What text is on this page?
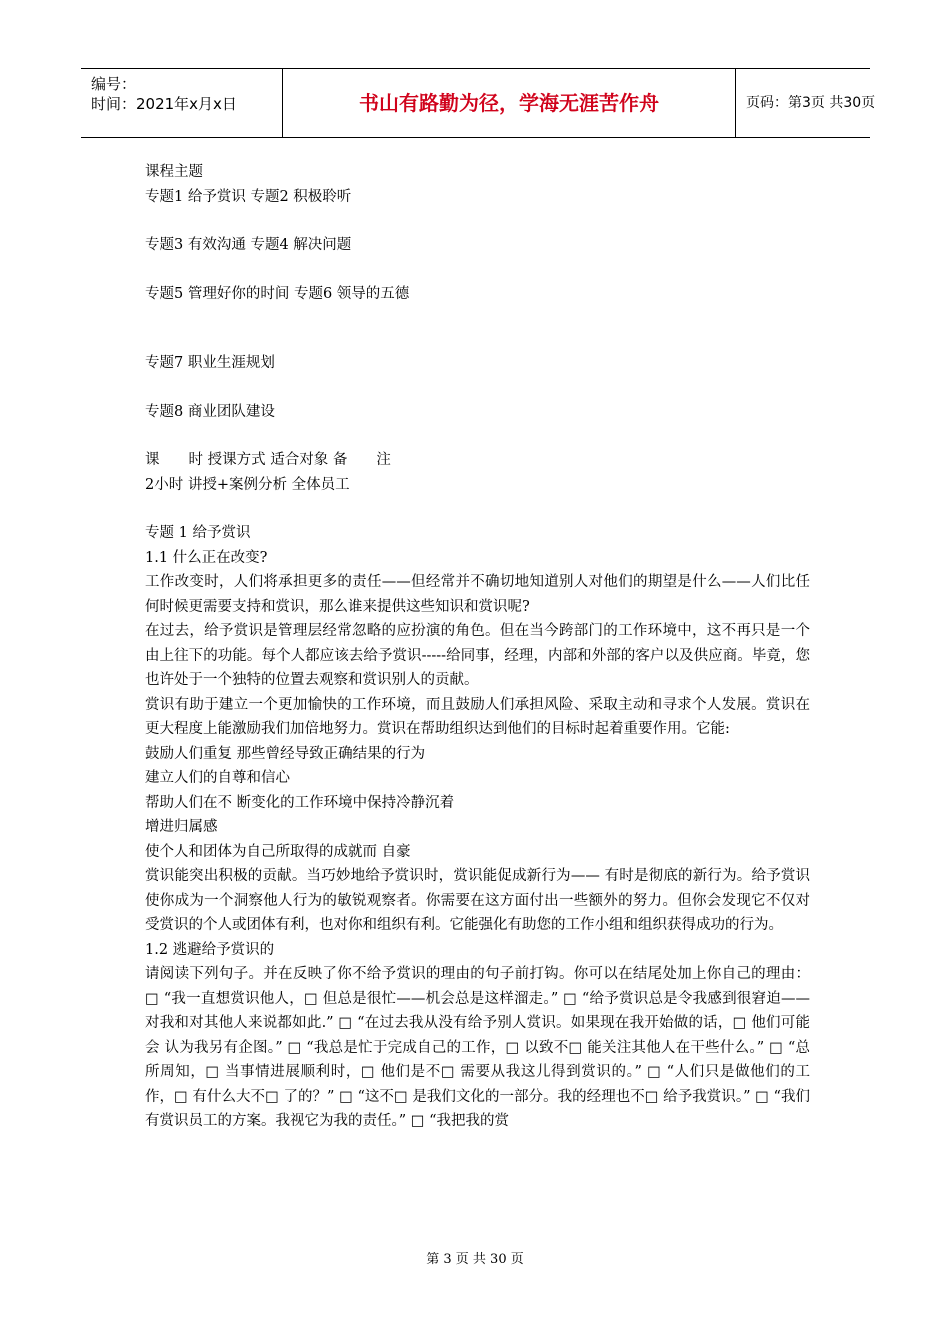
编号：
时间：2021年x月x日	书山有路勤为径，学海无涯苦作舟	页码：第3页 共30页

课程主题

专题1 给予赏识 专题2 积极聆听

专题3 有效沟通 专题4 解决问题

专题5 管理好你的时间 专题6 领导的五德

专题7 职业生涯规划

专题8 商业团队建设

课　　时 授课方式 适合对象 备　　注

2小时 讲授+案例分析 全体员工

专题 1 给予赏识

1.1 什么正在改变?

工作改变时，人们将承担更多的责任——但经常并不确切地知道别人对他们的期望是什么——人们比任何时候更需要支持和赏识，那么谁来提供这些知识和赏识呢?

在过去，给予赏识是管理层经常忽略的应扮演的角色。但在当今跨部门的工作环境中，这不再只是一个由上往下的功能。每个人都应该去给予赏识-----给同事，经理，内部和外部的客户以及供应商。毕竟，您也许处于一个独特的位置去观察和赏识别人的贡献。

赏识有助于建立一个更加愉快的工作环境，而且鼓励人们承担风险、采取主动和寻求个人发展。赏识在更大程度上能激励我们加倍地努力。赏识在帮助组织达到他们的目标时起着重要作用。它能:

鼓励人们重复 那些曾经导致正确结果的行为

建立人们的自尊和信心

帮助人们在不 断变化的工作环境中保持冷静沉着

增进归属感

使个人和团体为自己所取得的成就而 自豪

赏识能突出积极的贡献。当巧妙地给予赏识时，赏识能促成新行为—— 有时是彻底的新行为。给予赏识使你成为一个洞察他人行为的敏锐观察者。你需要在这方面付出一些额外的努力。但你会发现它不仅对受赏识的个人或团体有利，也对你和组织有利。它能强化有助您的工作小组和组织获得成功的行为。

1.2 逃避给予赏识的

请阅读下列句子。并在反映了你不给予赏识的理由的句子前打钩。你可以在结尾处加上你自己的理由： □ “我一直想赏识他人，□ 但总是很忙——机会总是这样溜走。” □ “给予赏识总是令我感到很窘迫——对我和对其他人来说都如此.” □ “在过去我从没有给予别人赏识。如果现在我开始做的话，□ 他们可能会 认为我另有企图。” □ “我总是忙于完成自己的工作，□ 以致不□ 能关注其他人在干些什么。” □ “总所周知，□ 当事情进展顺利时，□ 他们是不□ 需要从我这儿得到赏识的。” □ “人们只是做他们的工作，□ 有什么大不□ 了的？” □ “这不□ 是我们文化的一部分。我的经理也不□ 给予我赏识。” □ “我们有赏识员工的方案。我视它为我的责任。” □ “我把我的赏

第 3 页 共 30 页
